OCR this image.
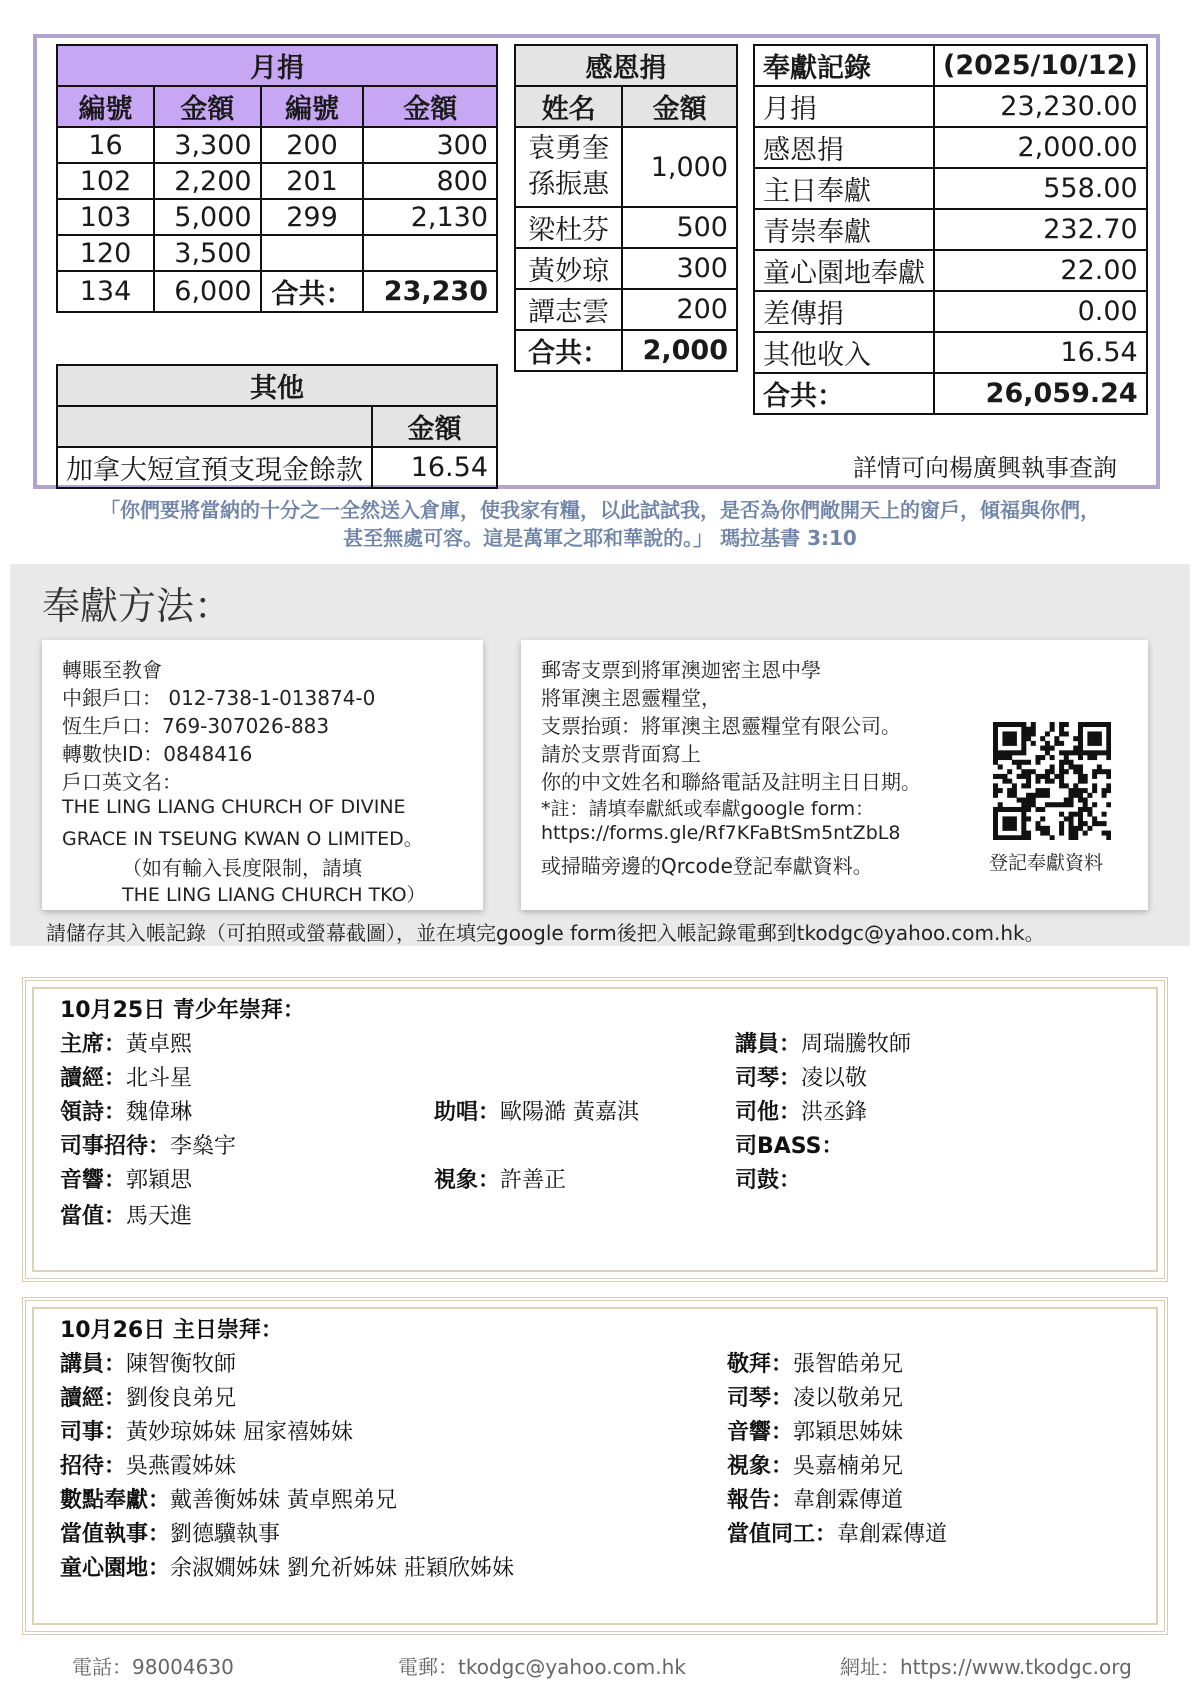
月捐			
編號	金額	編號	金額
16	3,300	200	300
102	2,200	201	800
103	5,000	299	2,130
120	3,500		
134	6,000	合共：	23,230
其他	
	金額
加拿大短宣預支現金餘款	16.54
感恩捐	
姓名	金額

袁勇奎
孫振惠	1,000
梁杜芬	500
黃妙琼	300
譚志雲	200
合共：	2,000
奉獻記錄	(2025/10/12)
月捐	23,230.00
感恩捐	2,000.00
主日奉獻	558.00
青崇奉獻	232.70
童心園地奉獻	22.00
差傳捐	0.00
其他收入	16.54
合共：	26,059.24
詳情可向楊廣興執事查詢
「你們要將當納的十分之一全然送入倉庫，使我家有糧，以此試試我，是否為你們敞開天上的窗戶，傾福與你們，
甚至無處可容。這是萬軍之耶和華說的。」 瑪拉基書 3:10
奉獻方法：
轉賬至教會
中銀戶口： 012-738-1-013874-0
恆生戶口：769-307026-883
轉數快ID：0848416
戶口英文名：
THE LING LIANG CHURCH OF DIVINE
GRACE IN TSEUNG KWAN O LIMITED。
（如有輸入長度限制，請填
THE LING LIANG CHURCH TKO）
郵寄支票到將軍澳迦密主恩中學
將軍澳主恩靈糧堂，
支票抬頭：將軍澳主恩靈糧堂有限公司。
請於支票背面寫上
你的中文姓名和聯絡電話及註明主日日期。
*註：請填奉獻紙或奉獻google form：
https://forms.gle/Rf7KFaBtSm5ntZbL8
或掃瞄旁邊的Qrcode登記奉獻資料。	登記奉獻資料
請儲存其入帳記錄（可拍照或螢幕截圖），並在填完google form後把入帳記錄電郵到tkodgc@yahoo.com.hk。
10月25日 青少年崇拜：
主席：黃卓熙
讀經：北斗星
領詩：魏偉琳
司事招待：李燊宇
音響：郭穎思
當值：馬天進
助唱：歐陽澔 黃嘉淇
視象：許善正
講員：周瑞騰牧師
司琴：凌以敬
司他：洪丞鋒
司BASS：
司鼓：
10月26日 主日崇拜：
講員：陳智衡牧師
讀經：劉俊良弟兄
司事：黃妙琼姊妹 屈家禧姊妹
招待：吳燕霞姊妹
數點奉獻：戴善衡姊妹 黃卓熙弟兄
當值執事：劉德驥執事
童心園地：余淑嫺姊妹 劉允祈姊妹 莊穎欣姊妹
敬拜：張智皓弟兄
司琴：凌以敬弟兄
音響：郭穎思姊妹
視象：吳嘉楠弟兄
報告：韋創霖傳道
當值同工：韋創霖傳道
電話：98004630	電郵：tkodgc@yahoo.com.hk	網址：https://www.tkodgc.org
